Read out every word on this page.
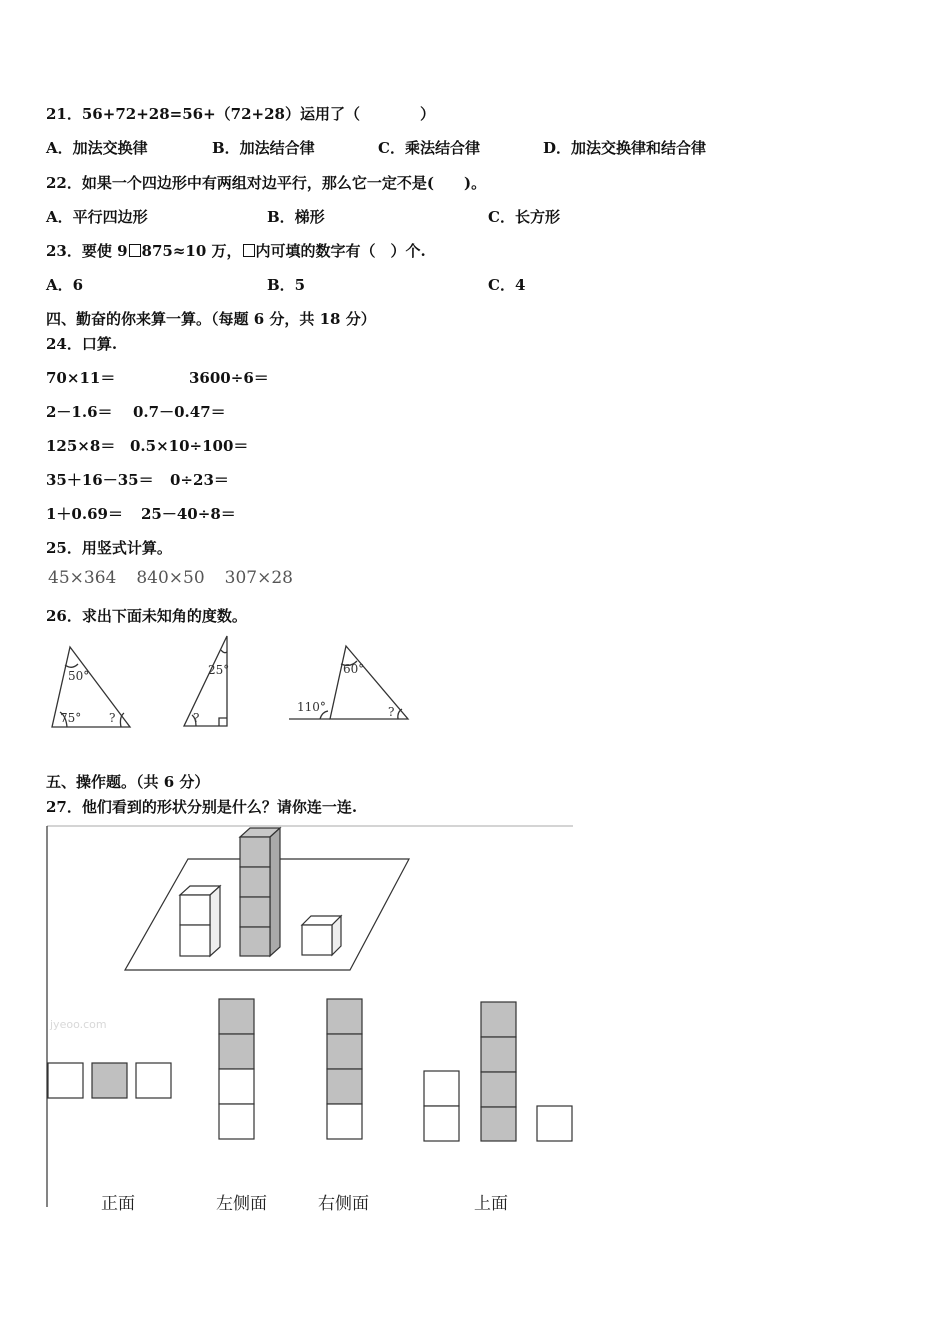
21．56+72+28=56+（72+28）运用了（　　　　）
A．加法交换律	B．加法结合律	C．乘法结合律	D．加法交换律和结合律
22．如果一个四边形中有两组对边平行，那么它一定不是(　　)。
A．平行四边形	B．梯形	C．长方形
23．要使 9 875≈10 万， 内可填的数字有（　）个.
A．6	B．5	C．4
四、勤奋的你来算一算。（每题 6 分，共 18 分）
24．口算.
70×11＝	3600÷6＝
2－1.6＝ 0.7－0.47＝
125×8＝ 0.5×10÷100＝
35＋16－35＝ 0÷23＝
1＋0.69＝ 25－40÷8＝
25．用竖式计算。
45×364 840×50 307×28
26．求出下面未知角的度数。
五、操作题。（共 6 分）
27．他们看到的形状分别是什么？请你连一连.
50°
75° ?
25°
?
60°
110°	?
jyeoo.com
正面	左侧面	右侧面	上面
